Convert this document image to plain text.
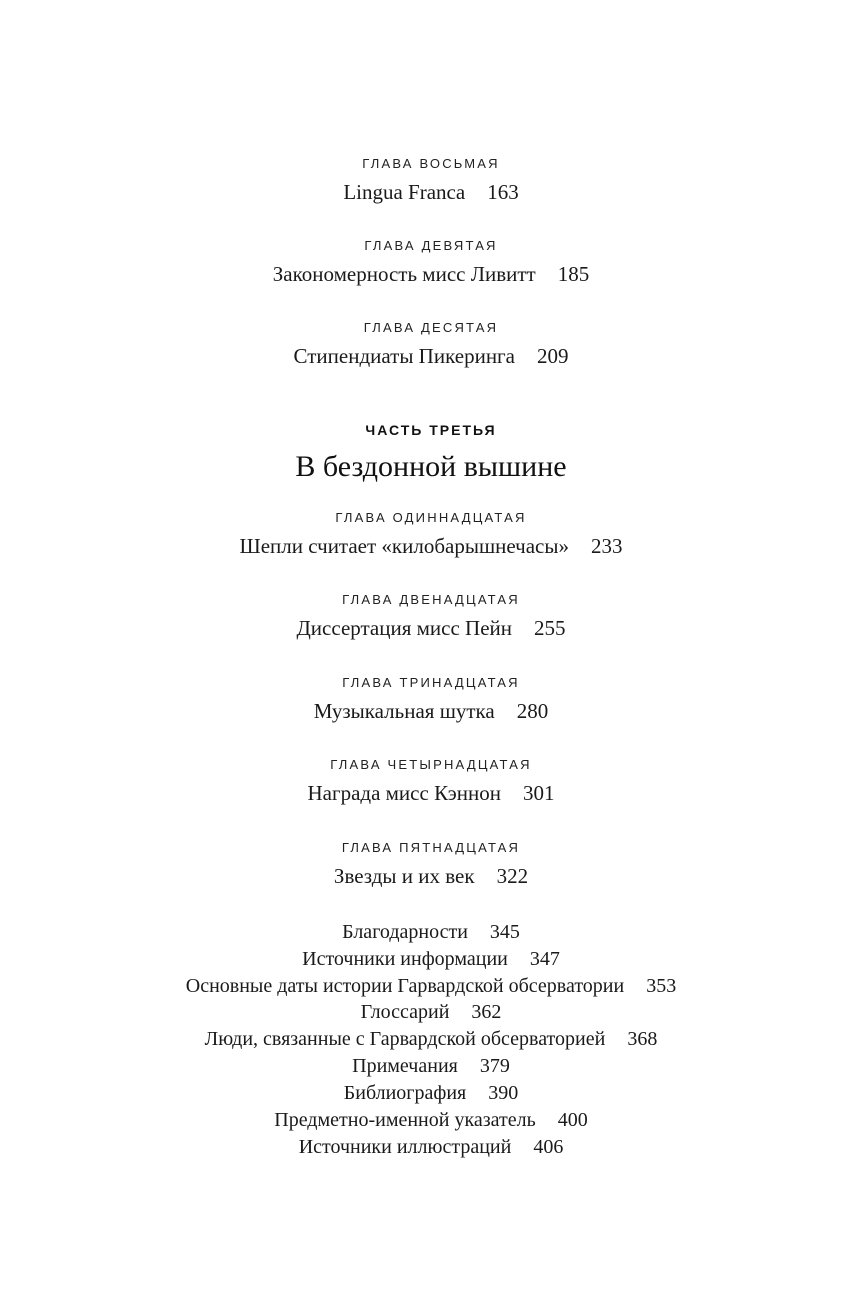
ГЛАВА ВОСЬМАЯ
Lingua Franca 163
ГЛАВА ДЕВЯТАЯ
Закономерность мисс Ливитт 185
ГЛАВА ДЕСЯТАЯ
Стипендиаты Пикеринга 209
ЧАСТЬ ТРЕТЬЯ
В бездонной вышине
ГЛАВА ОДИННАДЦАТАЯ
Шепли считает «килобарышнечасы» 233
ГЛАВА ДВЕНАДЦАТАЯ
Диссертация мисс Пейн 255
ГЛАВА ТРИНАДЦАТАЯ
Музыкальная шутка 280
ГЛАВА ЧЕТЫРНАДЦАТАЯ
Награда мисс Кэннон 301
ГЛАВА ПЯТНАДЦАТАЯ
Звезды и их век 322
Благодарности 345
Источники информации 347
Основные даты истории Гарвардской обсерватории 353
Глоссарий 362
Люди, связанные с Гарвардской обсерваторией 368
Примечания 379
Библиография 390
Предметно-именной указатель 400
Источники иллюстраций 406
